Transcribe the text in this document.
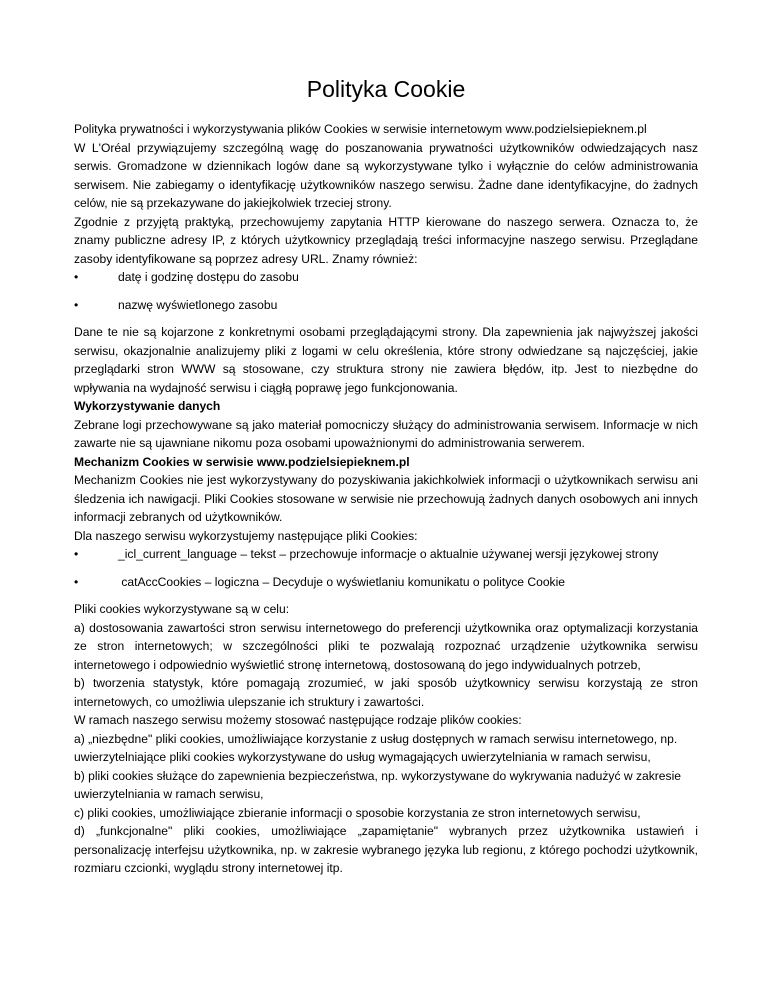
Polityka Cookie

Polityka prywatności i wykorzystywania plików Cookies w serwisie internetowym www.podzielsiepieknem.pl

W L'Oréal przywiązujemy szczególną wagę do poszanowania prywatności użytkowników odwiedzających nasz serwis. Gromadzone w dziennikach logów dane są wykorzystywane tylko i wyłącznie do celów administrowania serwisem. Nie zabiegamy o identyfikację użytkowników naszego serwisu. Żadne dane identyfikacyjne, do żadnych celów, nie są przekazywane do jakiejkolwiek trzeciej strony.

Zgodnie z przyjętą praktyką, przechowujemy zapytania HTTP kierowane do naszego serwera. Oznacza to, że znamy publiczne adresy IP, z których użytkownicy przeglądają treści informacyjne naszego serwisu. Przeglądane zasoby identyfikowane są poprzez adresy URL. Znamy również:

•	datę i godzinę dostępu do zasobu
•	nazwę wyświetlonego zasobu

Dane te nie są kojarzone z konkretnymi osobami przeglądającymi strony. Dla zapewnienia jak najwyższej jakości serwisu, okazjonalnie analizujemy pliki z logami w celu określenia, które strony odwiedzane są najczęściej, jakie przeglądarki stron WWW są stosowane, czy struktura strony nie zawiera błędów, itp. Jest to niezbędne do wpływania na wydajność serwisu i ciągłą poprawę jego funkcjonowania.

Wykorzystywanie danych

Zebrane logi przechowywane są jako materiał pomocniczy służący do administrowania serwisem. Informacje w nich zawarte nie są ujawniane nikomu poza osobami upoważnionymi do administrowania serwerem.

Mechanizm Cookies w serwisie www.podzielsiepieknem.pl

Mechanizm Cookies nie jest wykorzystywany do pozyskiwania jakichkolwiek informacji o użytkownikach serwisu ani śledzenia ich nawigacji. Pliki Cookies stosowane w serwisie nie przechowują żadnych danych osobowych ani innych informacji zebranych od użytkowników.

Dla naszego serwisu wykorzystujemy następujące pliki Cookies:

•	_icl_current_language – tekst – przechowuje informacje o aktualnie używanej wersji językowej strony
•	catAccCookies – logiczna – Decyduje o wyświetlaniu komunikatu o polityce Cookie

Pliki cookies wykorzystywane są w celu:

a) dostosowania zawartości stron serwisu internetowego do preferencji użytkownika oraz optymalizacji korzystania ze stron internetowych; w szczególności pliki te pozwalają rozpoznać urządzenie użytkownika serwisu internetowego i odpowiednio wyświetlić stronę internetową, dostosowaną do jego indywidualnych potrzeb,

b) tworzenia statystyk, które pomagają zrozumieć, w jaki sposób użytkownicy serwisu korzystają ze stron internetowych, co umożliwia ulepszanie ich struktury i zawartości.

W ramach naszego serwisu możemy stosować następujące rodzaje plików cookies:

a) „niezbędne" pliki cookies, umożliwiające korzystanie z usług dostępnych w ramach serwisu internetowego, np. uwierzytelniające pliki cookies wykorzystywane do usług wymagających uwierzytelniania w ramach serwisu,

b) pliki cookies służące do zapewnienia bezpieczeństwa, np. wykorzystywane do wykrywania nadużyć w zakresie uwierzytelniania w ramach serwisu,

c) pliki cookies, umożliwiające zbieranie informacji o sposobie korzystania ze stron internetowych serwisu,

d) „funkcjonalne" pliki cookies, umożliwiające „zapamiętanie" wybranych przez użytkownika ustawień i personalizację interfejsu użytkownika, np. w zakresie wybranego języka lub regionu, z którego pochodzi użytkownik, rozmiaru czcionki, wyglądu strony internetowej itp.
